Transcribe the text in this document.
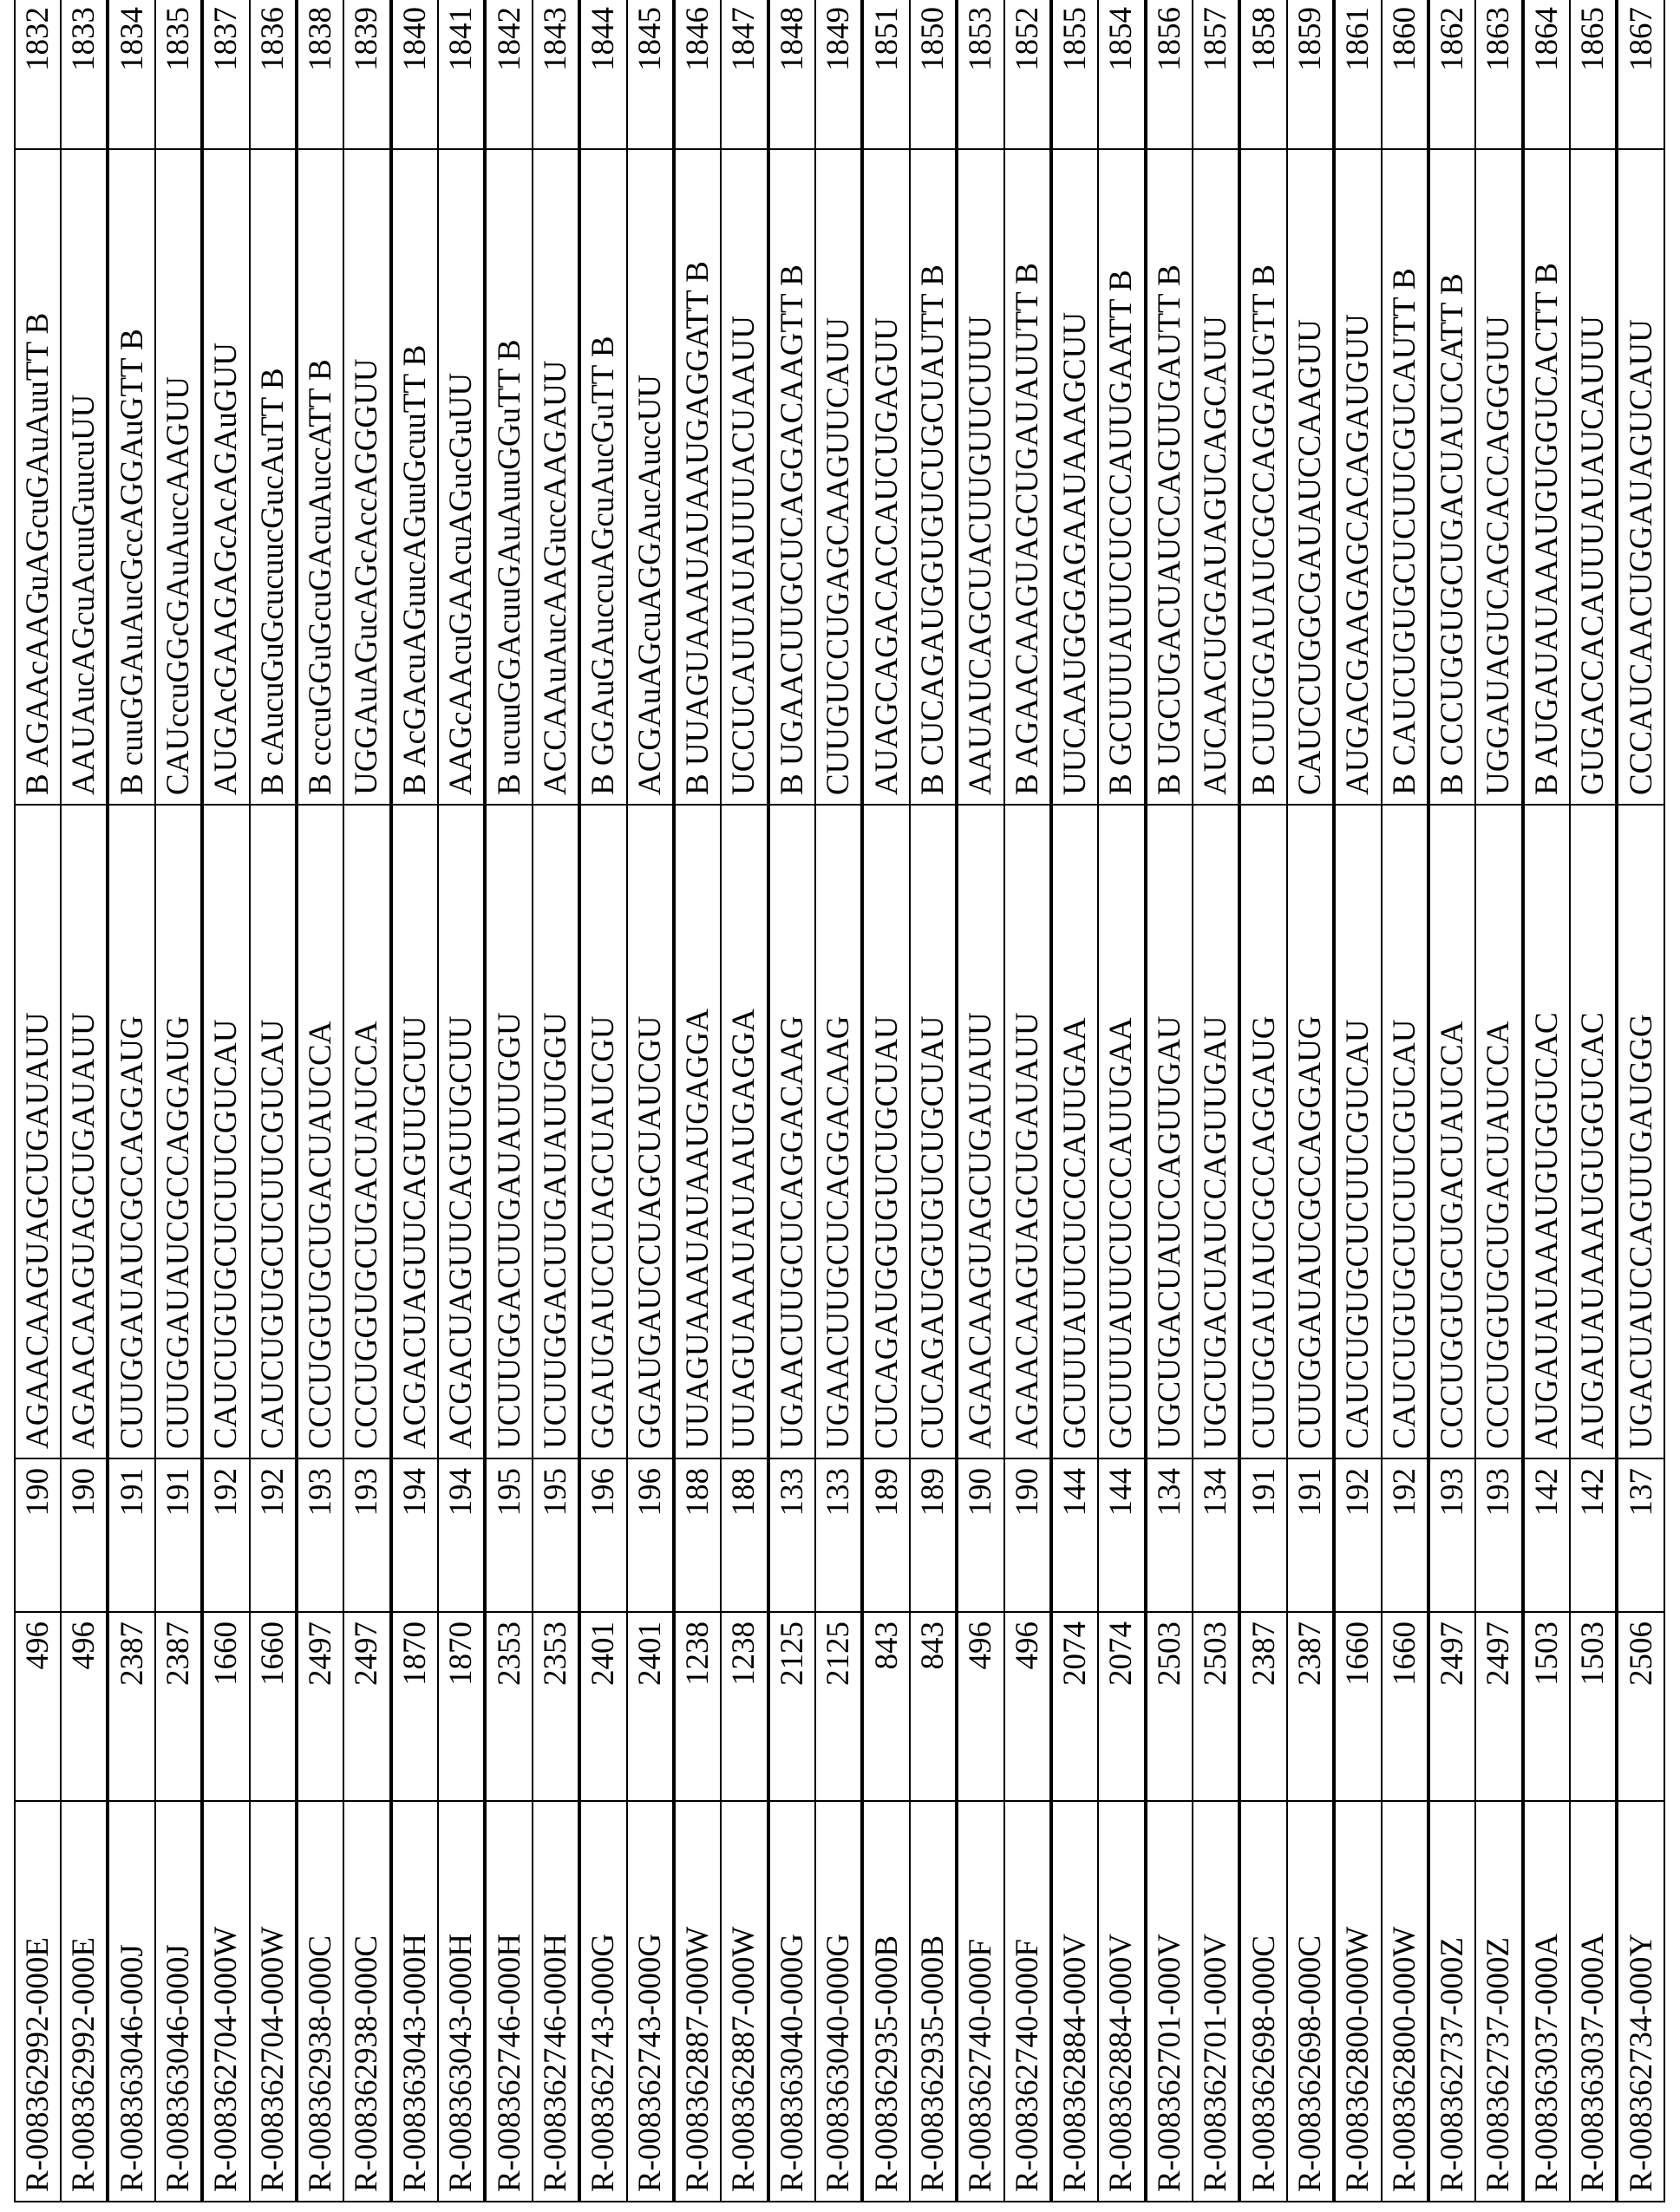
R-008362992-000E	496	190	AGAACAAGUAGCUGAUAUU	B AGAAcAAGuAGcuGAuAuuTT B	1832
R-008362992-000E	496	190	AGAACAAGUAGCUGAUAUU	AAUAucAGcuAcuuGuucuUU	1833
R-008363046-000J	2387	191	CUUGGAUAUCGCCAGGAUG	B cuuGGAuAucGccAGGAuGTT B	1834
R-008363046-000J	2387	191	CUUGGAUAUCGCCAGGAUG	CAUccuGGcGAuAuccAAGUU	1835
R-008362704-000W	1660	192	CAUCUGUGCUCUUCGUCAU	AUGAcGAAGAGcAcAGAuGUU	1837
R-008362704-000W	1660	192	CAUCUGUGCUCUUCGUCAU	B cAucuGuGcucuucGucAuTT B	1836
R-008362938-000C	2497	193	CCCUGGUGCUGACUAUCCA	B cccuGGuGcuGAcuAuccATT B	1838
R-008362938-000C	2497	193	CCCUGGUGCUGACUAUCCA	UGGAuAGucAGcAccAGGGUU	1839
R-008363043-000H	1870	194	ACGACUAGUUCAGUUGCUU	B AcGAcuAGuucAGuuGcuuTT B	1840
R-008363043-000H	1870	194	ACGACUAGUUCAGUUGCUU	AAGcAAcuGAAcuAGucGuUU	1841
R-008362746-000H	2353	195	UCUUGGACUUGAUAUUGGU	B ucuuGGAcuuGAuAuuGGuTT B	1842
R-008362746-000H	2353	195	UCUUGGACUUGAUAUUGGU	ACCAAuAucAAGuccAAGAUU	1843
R-008362743-000G	2401	196	GGAUGAUCCUAGCUAUCGU	B GGAuGAuccuAGcuAucGuTT B	1844
R-008362743-000G	2401	196	GGAUGAUCCUAGCUAUCGU	ACGAuAGcuAGGAucAuccUU	1845
R-008362887-000W	1238	188	UUAGUAAAUAUAAUGAGGA	B UUAGUAAAUAUAAUGAGGATT B	1846
R-008362887-000W	1238	188	UUAGUAAAUAUAAUGAGGA	UCCUCAUUAUAUUUACUAAUU	1847
R-008363040-000G	2125	133	UGAACUUGCUCAGGACAAG	B UGAACUUGCUCAGGACAAGTT B	1848
R-008363040-000G	2125	133	UGAACUUGCUCAGGACAAG	CUUGUCCUGAGCAAGUUCAUU	1849
R-008362935-000B	843	189	CUCAGAUGGUGUCUGCUAU	AUAGCAGACACCAUCUGAGUU	1851
R-008362935-000B	843	189	CUCAGAUGGUGUCUGCUAU	B CUCAGAUGGUGUCUGCUAUTT B	1850
R-008362740-000F	496	190	AGAACAAGUAGCUGAUAUU	AAUAUCAGCUACUUGUUCUUU	1853
R-008362740-000F	496	190	AGAACAAGUAGCUGAUAUU	B AGAACAAGUAGCUGAUAUUTT B	1852
R-008362884-000V	2074	144	GCUUUAUUCUCCCAUUGAA	UUCAAUGGGAGAAUAAAGCUU	1855
R-008362884-000V	2074	144	GCUUUAUUCUCCCAUUGAA	B GCUUUAUUCUCCCAUUGAATT B	1854
R-008362701-000V	2503	134	UGCUGACUAUCCAGUUGAU	B UGCUGACUAUCCAGUUGAUTT B	1856
R-008362701-000V	2503	134	UGCUGACUAUCCAGUUGAU	AUCAACUGGAUAGUCAGCAUU	1857
R-008362698-000C	2387	191	CUUGGAUAUCGCCAGGAUG	B CUUGGAUAUCGCCAGGAUGTT B	1858
R-008362698-000C	2387	191	CUUGGAUAUCGCCAGGAUG	CAUCCUGGCGAUAUCCAAGUU	1859
R-008362800-000W	1660	192	CAUCUGUGCUCUUCGUCAU	AUGACGAAGAGCACAGAUGUU	1861
R-008362800-000W	1660	192	CAUCUGUGCUCUUCGUCAU	B CAUCUGUGCUCUUCGUCAUTT B	1860
R-008362737-000Z	2497	193	CCCUGGUGCUGACUAUCCA	B CCCUGGUGCUGACUAUCCATT B	1862
R-008362737-000Z	2497	193	CCCUGGUGCUGACUAUCCA	UGGAUAGUCAGCACCAGGGUU	1863
R-008363037-000A	1503	142	AUGAUAUAAAUGUGGUCAC	B AUGAUAUAAAUGUGGUCACTT B	1864
R-008363037-000A	1503	142	AUGAUAUAAAUGUGGUCAC	GUGACCACAUUUAUAUCAUUU	1865
R-008362734-000Y	2506	137	UGACUAUCCAGUUGAUGGG	CCCAUCAACUGGAUAGUCAUU	1867
